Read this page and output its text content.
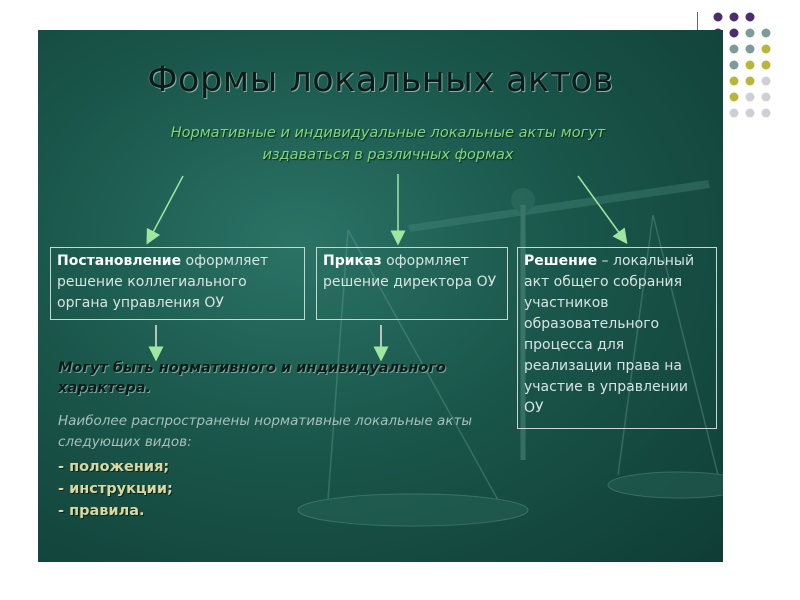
Формы локальных актов
Нормативные и индивидуальные локальные акты могут
издаваться в различных формах
Постановление оформляет решение коллегиального органа управления ОУ
Приказ оформляет решение директора ОУ
Решение – локальный акт общего собрания участников образовательного процесса для реализации права на участие в управлении ОУ
Могут быть нормативного и индивидуального характера.
Наиболее распространены нормативные локальные акты следующих видов:
- положения;
- инструкции;
- правила.
